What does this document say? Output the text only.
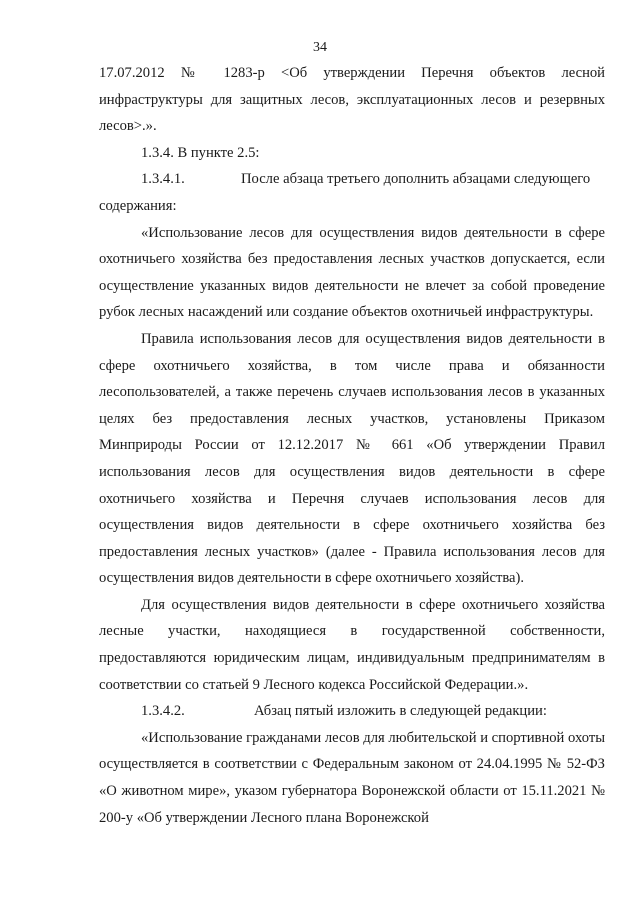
34

17.07.2012 № 1283-р <Об утверждении Перечня объектов лесной инфраструктуры для защитных лесов, эксплуатационных лесов и резервных лесов>.».

1.3.4. В пункте 2.5:

1.3.4.1.	После абзаца третьего дополнить абзацами следующего

содержания:

«Использование лесов для осуществления видов деятельности в сфере охотничьего хозяйства без предоставления лесных участков допускается, если осуществление указанных видов деятельности не влечет за собой проведение рубок лесных насаждений или создание объектов охотничьей инфраструктуры.

Правила использования лесов для осуществления видов деятельности в сфере охотничьего хозяйства, в том числе права и обязанности лесопользователей, а также перечень случаев использования лесов в указанных целях без предоставления лесных участков, установлены Приказом Минприроды России от 12.12.2017 № 661 «Об утверждении Правил использования лесов для осуществления видов деятельности в сфере охотничьего хозяйства и Перечня случаев использования лесов для осуществления видов деятельности в сфере охотничьего хозяйства без предоставления лесных участков» (далее - Правила использования лесов для осуществления видов деятельности в сфере охотничьего хозяйства).

Для осуществления видов деятельности в сфере охотничьего хозяйства лесные участки, находящиеся в государственной собственности, предоставляются юридическим лицам, индивидуальным предпринимателям в соответствии со статьей 9 Лесного кодекса Российской Федерации.».

1.3.4.2.	Абзац пятый изложить в следующей редакции:

«Использование гражданами лесов для любительской и спортивной охоты осуществляется в соответствии с Федеральным законом от 24.04.1995 № 52-ФЗ «О животном мире», указом губернатора Воронежской области от 15.11.2021 № 200-у «Об утверждении Лесного плана Воронежской
